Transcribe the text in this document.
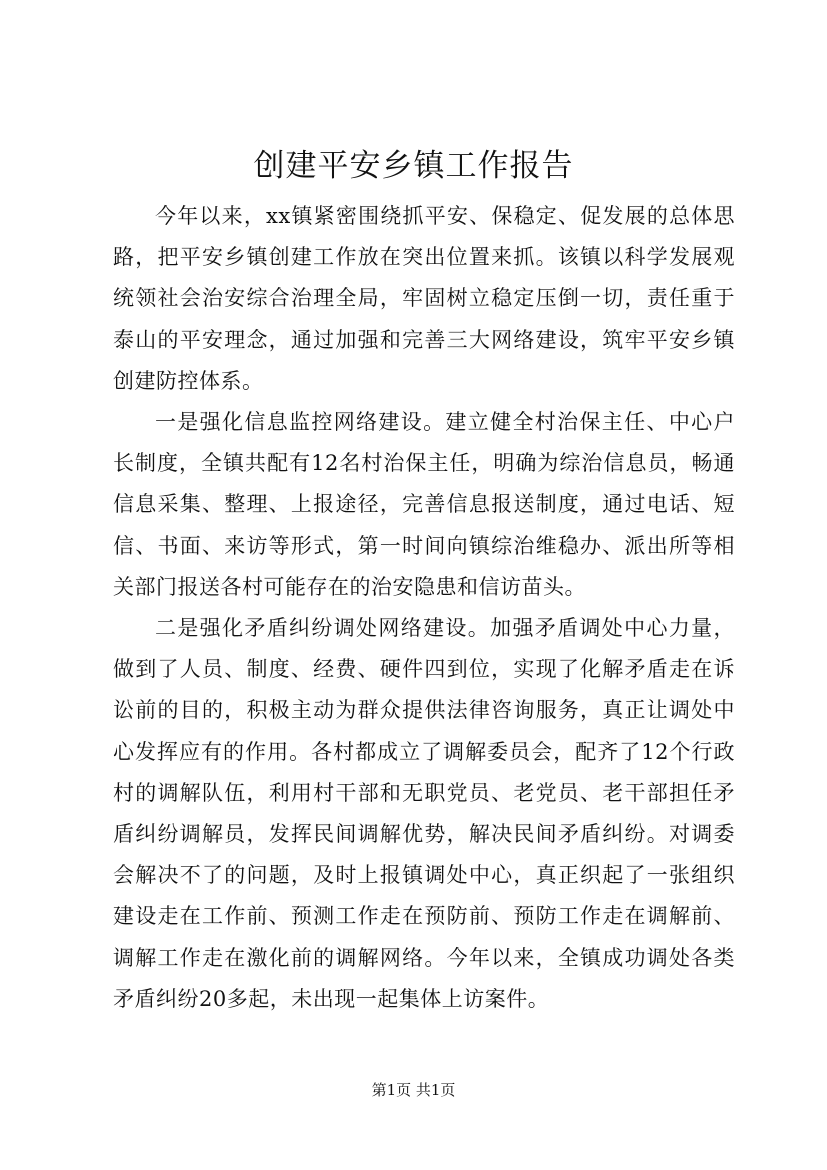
创建平安乡镇工作报告

今年以来，xx镇紧密围绕抓平安、保稳定、促发展的总体思路，把平安乡镇创建工作放在突出位置来抓。该镇以科学发展观统领社会治安综合治理全局，牢固树立稳定压倒一切，责任重于泰山的平安理念，通过加强和完善三大网络建设，筑牢平安乡镇创建防控体系。

一是强化信息监控网络建设。建立健全村治保主任、中心户长制度，全镇共配有12名村治保主任，明确为综治信息员，畅通信息采集、整理、上报途径，完善信息报送制度，通过电话、短信、书面、来访等形式，第一时间向镇综治维稳办、派出所等相关部门报送各村可能存在的治安隐患和信访苗头。

二是强化矛盾纠纷调处网络建设。加强矛盾调处中心力量，做到了人员、制度、经费、硬件四到位，实现了化解矛盾走在诉讼前的目的，积极主动为群众提供法律咨询服务，真正让调处中心发挥应有的作用。各村都成立了调解委员会，配齐了12个行政村的调解队伍，利用村干部和无职党员、老党员、老干部担任矛盾纠纷调解员，发挥民间调解优势，解决民间矛盾纠纷。对调委会解决不了的问题，及时上报镇调处中心，真正织起了一张组织建设走在工作前、预测工作走在预防前、预防工作走在调解前、调解工作走在激化前的调解网络。今年以来，全镇成功调处各类矛盾纠纷20多起，未出现一起集体上访案件。

第1页 共1页
